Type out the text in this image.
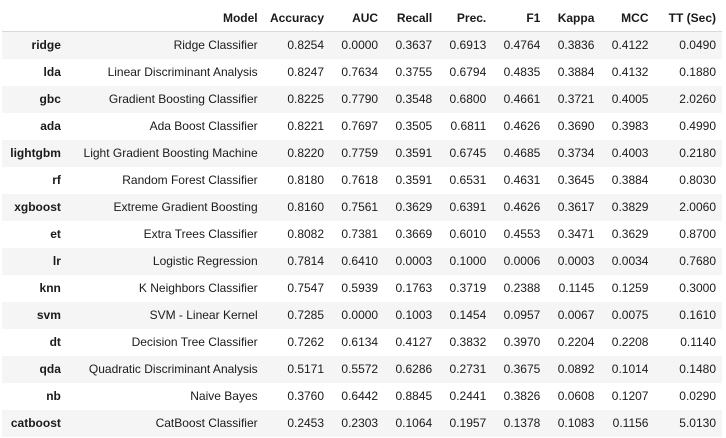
	Model	Accuracy	AUC	Recall	Prec.	F1	Kappa	MCC	TT (Sec)
ridge	Ridge Classifier	0.8254	0.0000	0.3637	0.6913	0.4764	0.3836	0.4122	0.0490
lda	Linear Discriminant Analysis	0.8247	0.7634	0.3755	0.6794	0.4835	0.3884	0.4132	0.1880
gbc	Gradient Boosting Classifier	0.8225	0.7790	0.3548	0.6800	0.4661	0.3721	0.4005	2.0260
ada	Ada Boost Classifier	0.8221	0.7697	0.3505	0.6811	0.4626	0.3690	0.3983	0.4990
lightgbm	Light Gradient Boosting Machine	0.8220	0.7759	0.3591	0.6745	0.4685	0.3734	0.4003	0.2180
rf	Random Forest Classifier	0.8180	0.7618	0.3591	0.6531	0.4631	0.3645	0.3884	0.8030
xgboost	Extreme Gradient Boosting	0.8160	0.7561	0.3629	0.6391	0.4626	0.3617	0.3829	2.0060
et	Extra Trees Classifier	0.8082	0.7381	0.3669	0.6010	0.4553	0.3471	0.3629	0.8700
lr	Logistic Regression	0.7814	0.6410	0.0003	0.1000	0.0006	0.0003	0.0034	0.7680
knn	K Neighbors Classifier	0.7547	0.5939	0.1763	0.3719	0.2388	0.1145	0.1259	0.3000
svm	SVM - Linear Kernel	0.7285	0.0000	0.1003	0.1454	0.0957	0.0067	0.0075	0.1610
dt	Decision Tree Classifier	0.7262	0.6134	0.4127	0.3832	0.3970	0.2204	0.2208	0.1140
qda	Quadratic Discriminant Analysis	0.5171	0.5572	0.6286	0.2731	0.3675	0.0892	0.1014	0.1480
nb	Naive Bayes	0.3760	0.6442	0.8845	0.2441	0.3826	0.0608	0.1207	0.0290
catboost	CatBoost Classifier	0.2453	0.2303	0.1064	0.1957	0.1378	0.1083	0.1156	5.0130
